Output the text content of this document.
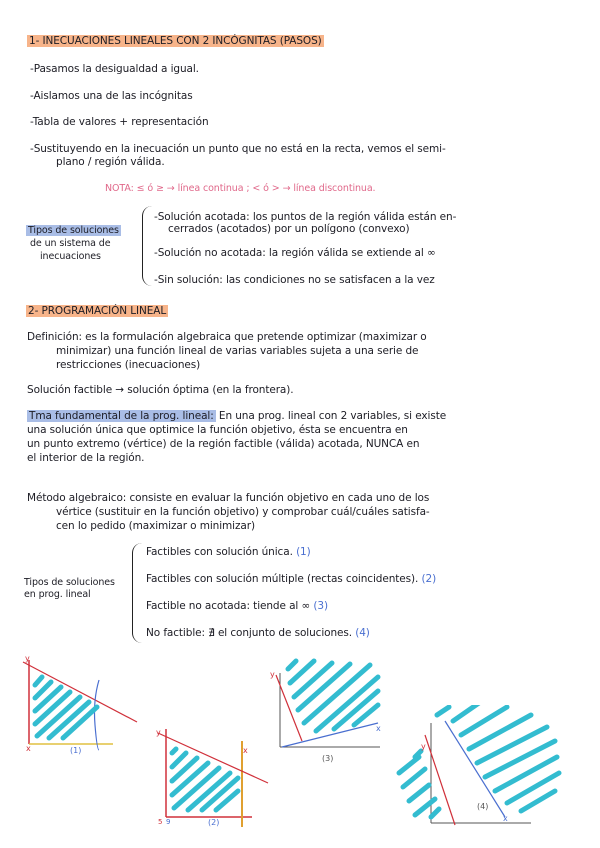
1- INECUACIONES LINEALES CON 2 INCÓGNITAS (PASOS)
-Pasamos la desigualdad a igual.
-Aislamos una de las incógnitas
-Tabla de valores + representación
-Sustituyendo en la inecuación un punto que no está en la recta, vemos el semi-
plano / región válida.
NOTA: ≤ ó ≥ → línea continua ; < ó > → línea discontinua.
Tipos de soluciones
de un sistema de
inecuaciones
-Solución acotada: los puntos de la región válida están en-
cerrados (acotados) por un polígono (convexo)
-Solución no acotada: la región válida se extiende al ∞
-Sin solución: las condiciones no se satisfacen a la vez
2- PROGRAMACIÓN LINEAL
Definición: es la formulación algebraica que pretende optimizar (maximizar o
minimizar) una función lineal de varias variables sujeta a una serie de
restricciones (inecuaciones)
Solución factible → solución óptima (en la frontera).
Tma fundamental de la prog. lineal: En una prog. lineal con 2 variables, si existe
una solución única que optimice la función objetivo, ésta se encuentra en
un punto extremo (vértice) de la región factible (válida) acotada, NUNCA en
el interior de la región.
Método algebraico: consiste en evaluar la función objetivo en cada uno de los
vértice (sustituir en la función objetivo) y comprobar cuál/cuáles satisfa-
cen lo pedido (maximizar o minimizar)
Tipos de soluciones
en prog. lineal
Factibles con solución única. (1)
Factibles con solución múltiple (rectas coincidentes). (2)
Factible no acotada: tiende al ∞ (3)
No factible: ∄ el conjunto de soluciones. (4)
y
x	(1)
y
x
5 9	(2)
y
x
(3)
y
x
(4)
